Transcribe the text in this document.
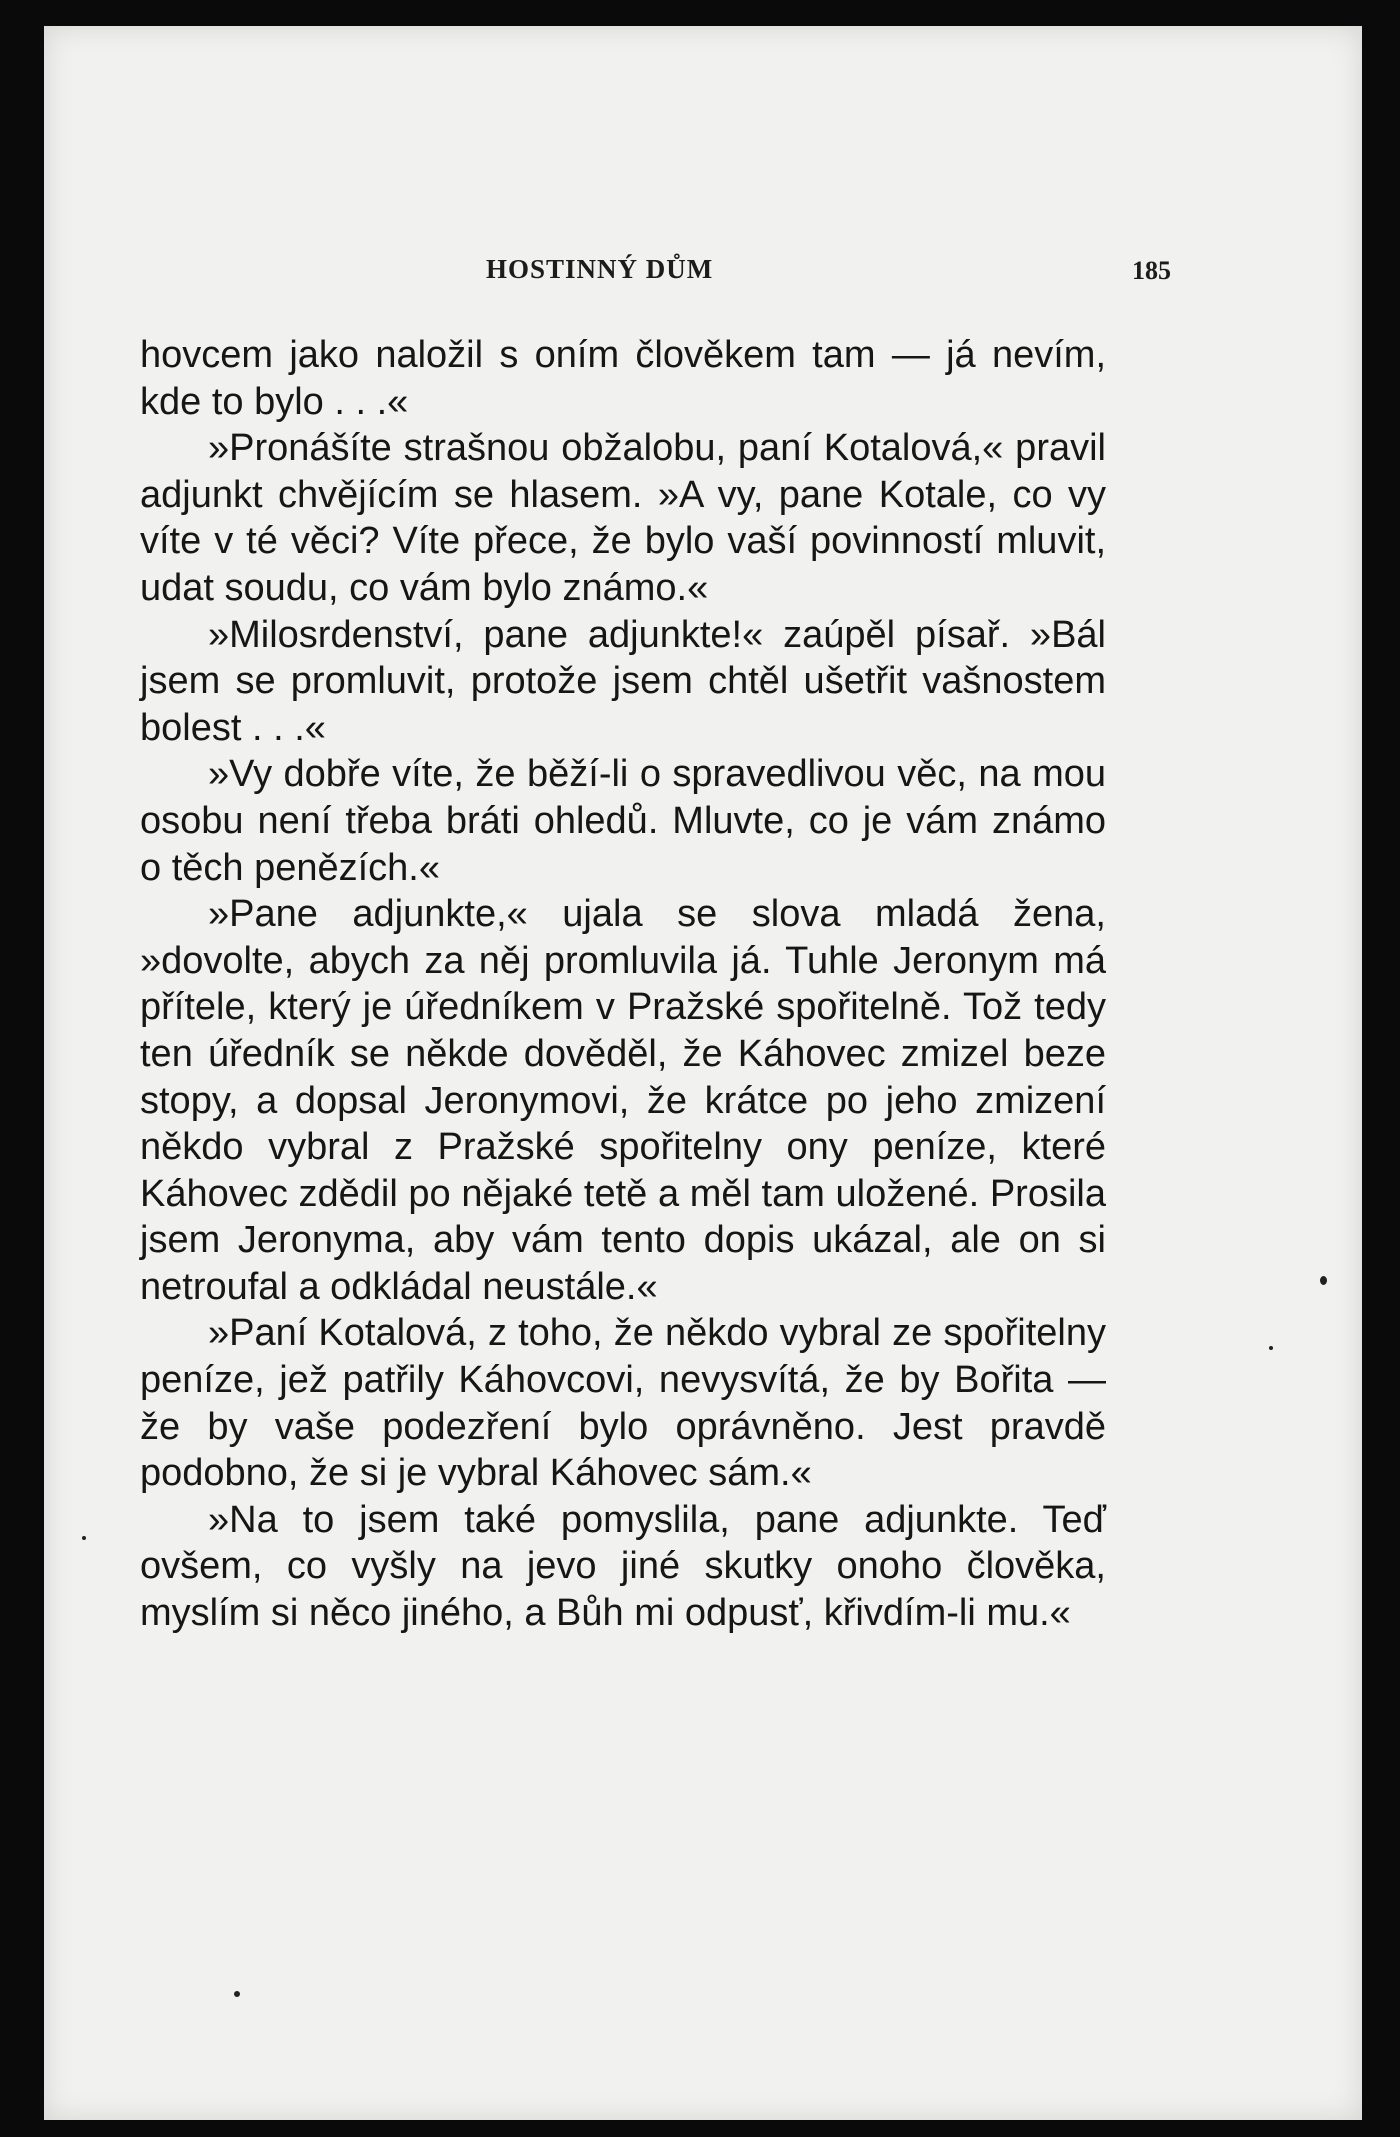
HOSTINNÝ DŮM	185

hovcem jako naložil s oním člověkem tam — já nevím, kde to bylo . . .«

»Pronášíte strašnou obžalobu, paní Kotalová,« pravil adjunkt chvějícím se hlasem. »A vy, pane Kotale, co vy víte v té věci? Víte přece, že bylo vaší povinností mluvit, udat soudu, co vám bylo známo.«

»Milosrdenství, pane adjunkte!« zaúpěl písař. »Bál jsem se promluvit, protože jsem chtěl ušetřit vašnostem bolest . . .«

»Vy dobře víte, že běží-li o spravedlivou věc, na mou osobu není třeba bráti ohledů. Mluvte, co je vám známo o těch penězích.«

»Pane adjunkte,« ujala se slova mladá žena, »dovolte, abych za něj promluvila já. Tuhle Jeronym má přítele, který je úředníkem v Pražské spořitelně. Tož tedy ten úředník se někde dověděl, že Káhovec zmizel beze stopy, a dopsal Jeronymovi, že krátce po jeho zmizení někdo vybral z Pražské spořitelny ony peníze, které Káhovec zdědil po nějaké tetě a měl tam uložené. Prosila jsem Jeronyma, aby vám tento dopis ukázal, ale on si netroufal a odkládal neustále.«

»Paní Kotalová, z toho, že někdo vybral ze spořitelny peníze, jež patřily Káhovcovi, nevysvítá, že by Bořita — že by vaše podezření bylo oprávněno. Jest pravdě podobno, že si je vybral Káhovec sám.«

»Na to jsem také pomyslila, pane adjunkte. Teď ovšem, co vyšly na jevo jiné skutky onoho člověka, myslím si něco jiného, a Bůh mi odpusť, křivdím-li mu.«
